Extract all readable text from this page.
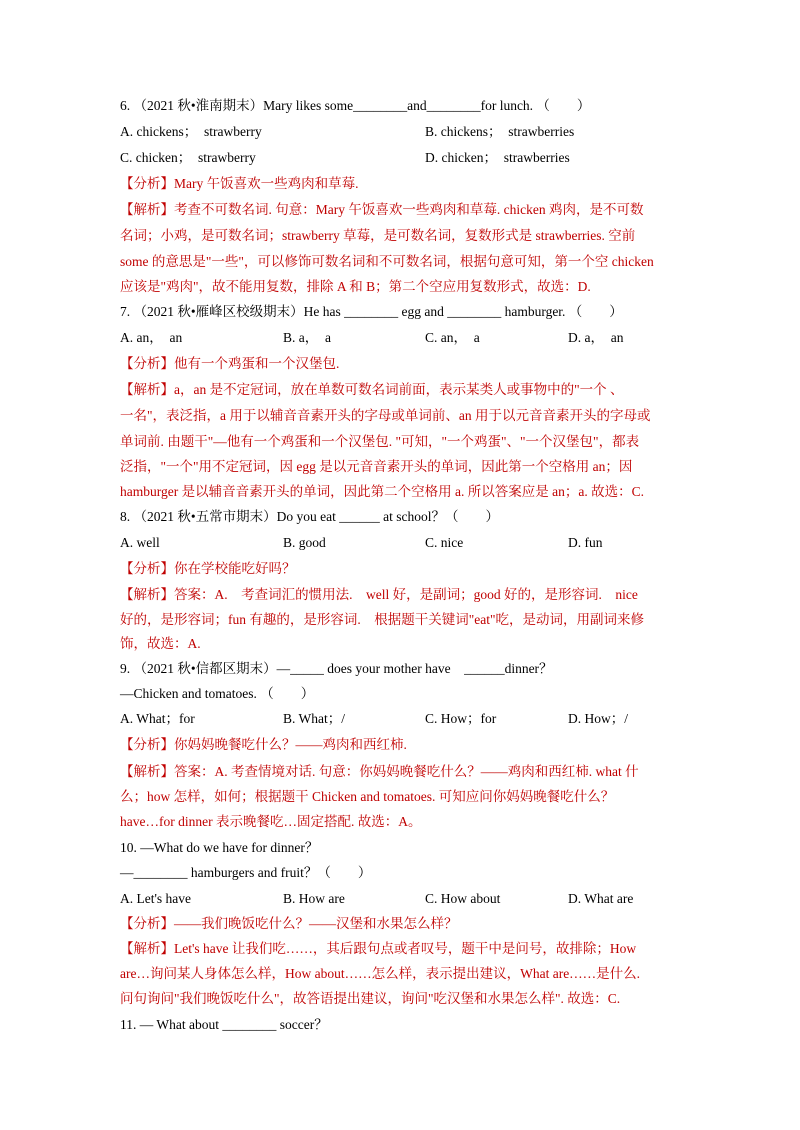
6. （2021 秋•淮南期末）Mary likes some________and________for lunch. （　　）
A. chickens；　strawberry	B. chickens；　strawberries
C. chicken；　strawberry	D. chicken；　strawberries
【分析】Mary 午饭喜欢一些鸡肉和草莓.
【解析】考查不可数名词. 句意：Mary 午饭喜欢一些鸡肉和草莓. chicken 鸡肉，是不可数
名词；小鸡，是可数名词；strawberry 草莓，是可数名词，复数形式是 strawberries. 空前
some 的意思是"一些"，可以修饰可数名词和不可数名词，根据句意可知，第一个空 chicken
应该是"鸡肉"，故不能用复数，排除 A 和 B；第二个空应用复数形式，故选：D.
7. （2021 秋•雁峰区校级期末）He has ________ egg and ________ hamburger. （　　）
A. an，　an	B. a，　a	C. an，　a	D. a，　an
【分析】他有一个鸡蛋和一个汉堡包.
【解析】a，an 是不定冠词，放在单数可数名词前面，表示某类人或事物中的"一个 、
一名"，表泛指，a 用于以辅音音素开头的字母或单词前、an 用于以元音音素开头的字母或
单词前. 由题干"—他有一个鸡蛋和一个汉堡包. "可知，"一个鸡蛋"、"一个汉堡包"，都表
泛指，"一个"用不定冠词，因 egg 是以元音音素开头的单词，因此第一个空格用 an；因
hamburger 是以辅音音素开头的单词，因此第二个空格用 a. 所以答案应是 an；a. 故选：C.
8. （2021 秋•五常市期末）Do you eat ______ at school？（　　）
A. well	B. good	C. nice	D. fun
【分析】你在学校能吃好吗？
【解析】答案：A.　考查词汇的惯用法.　well 好，是副词；good 好的，是形容词.　nice
好的，是形容词；fun 有趣的，是形容词.　根据题干关键词"eat"吃，是动词，用副词来修
饰，故选：A.
9. （2021 秋•信都区期末）—_____ does your mother have　______dinner？
—Chicken and tomatoes. （　　）
A. What；for	B. What；/	C. How；for	D. How；/
【分析】你妈妈晚餐吃什么？——鸡肉和西红柿.
【解析】答案：A. 考查情境对话. 句意：你妈妈晚餐吃什么？——鸡肉和西红柿. what 什
么；how 怎样，如何；根据题干 Chicken and tomatoes. 可知应问你妈妈晚餐吃什么？
have…for dinner 表示晚餐吃…固定搭配. 故选：A。
10. —What do we have for dinner？
—________ hamburgers and fruit？（　　）
A. Let's have	B. How are	C. How about	D. What are
【分析】——我们晚饭吃什么？——汉堡和水果怎么样？
【解析】Let's have 让我们吃……，其后跟句点或者叹号，题干中是问号，故排除；How
are…询问某人身体怎么样，How about……怎么样，表示提出建议，What are……是什么.
问句询问"我们晚饭吃什么"，故答语提出建议，询问"吃汉堡和水果怎么样". 故选：C.
11. — What about ________ soccer？
